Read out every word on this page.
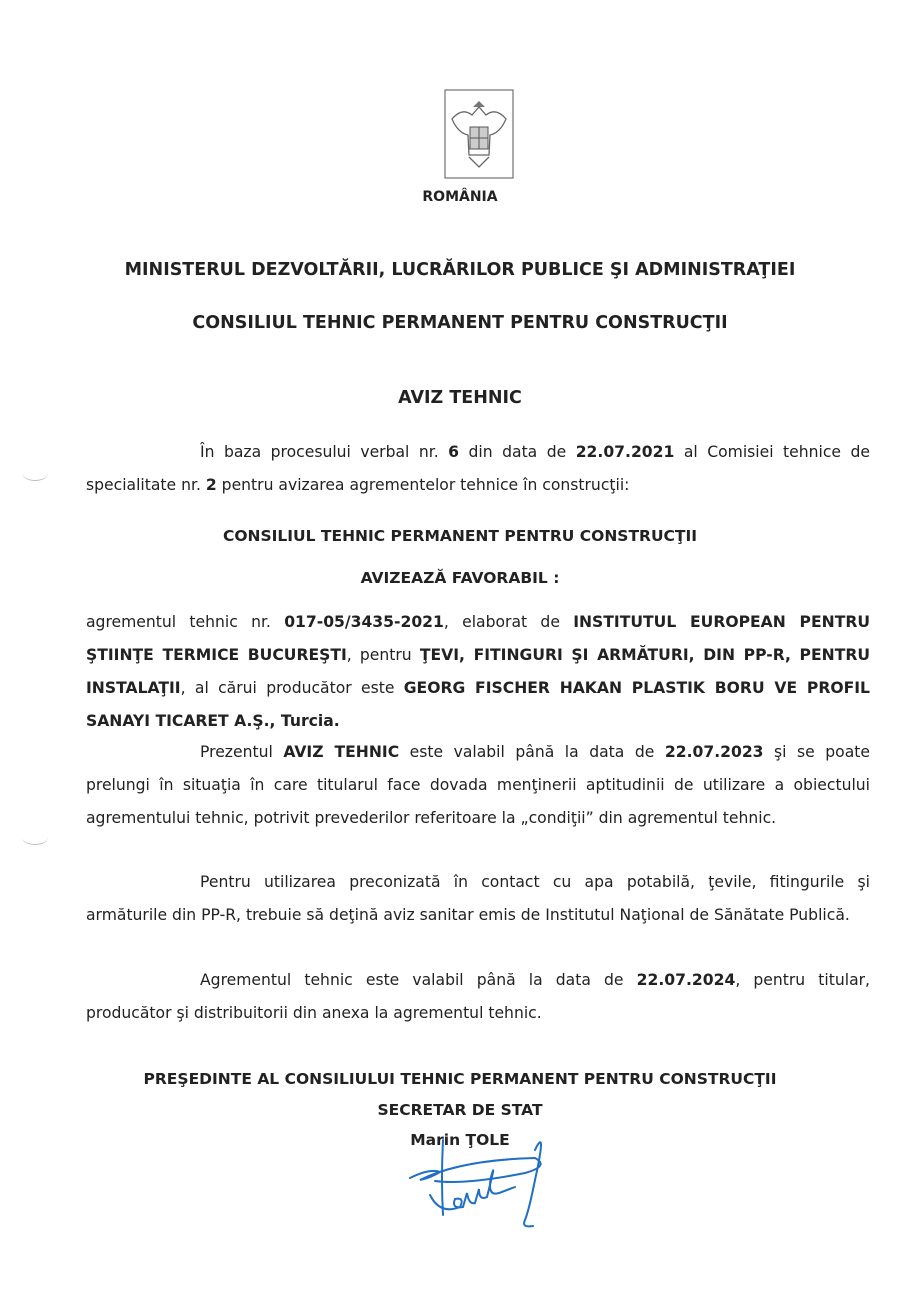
ROMÂNIA
MINISTERUL DEZVOLTĂRII, LUCRĂRILOR PUBLICE ŞI ADMINISTRAŢIEI
CONSILIUL TEHNIC PERMANENT PENTRU CONSTRUCŢII
AVIZ TEHNIC
În baza procesului verbal nr. 6 din data de 22.07.2021 al Comisiei tehnice de specialitate nr. 2 pentru avizarea agrementelor tehnice în construcţii:
CONSILIUL TEHNIC PERMANENT PENTRU CONSTRUCŢII
AVIZEAZĂ FAVORABIL :
agrementul tehnic nr. 017-05/3435-2021, elaborat de INSTITUTUL EUROPEAN PENTRU ŞTIINŢE TERMICE BUCUREŞTI, pentru ŢEVI, FITINGURI ŞI ARMĂTURI, DIN PP-R, PENTRU INSTALAŢII, al cărui producător este GEORG FISCHER HAKAN PLASTIK BORU VE PROFIL SANAYI TICARET A.Ş., Turcia.
Prezentul AVIZ TEHNIC este valabil până la data de 22.07.2023 şi se poate prelungi în situaţia în care titularul face dovada menţinerii aptitudinii de utilizare a obiectului agrementului tehnic, potrivit prevederilor referitoare la „condiţii” din agrementul tehnic.
Pentru utilizarea preconizată în contact cu apa potabilă, ţevile, fitingurile şi armăturile din PP-R, trebuie să deţină aviz sanitar emis de Institutul Naţional de Sănătate Publică.
Agrementul tehnic este valabil până la data de 22.07.2024, pentru titular, producător şi distribuitorii din anexa la agrementul tehnic.
PREŞEDINTE AL CONSILIULUI TEHNIC PERMANENT PENTRU CONSTRUCŢII
SECRETAR DE STAT
Marin ŢOLE
